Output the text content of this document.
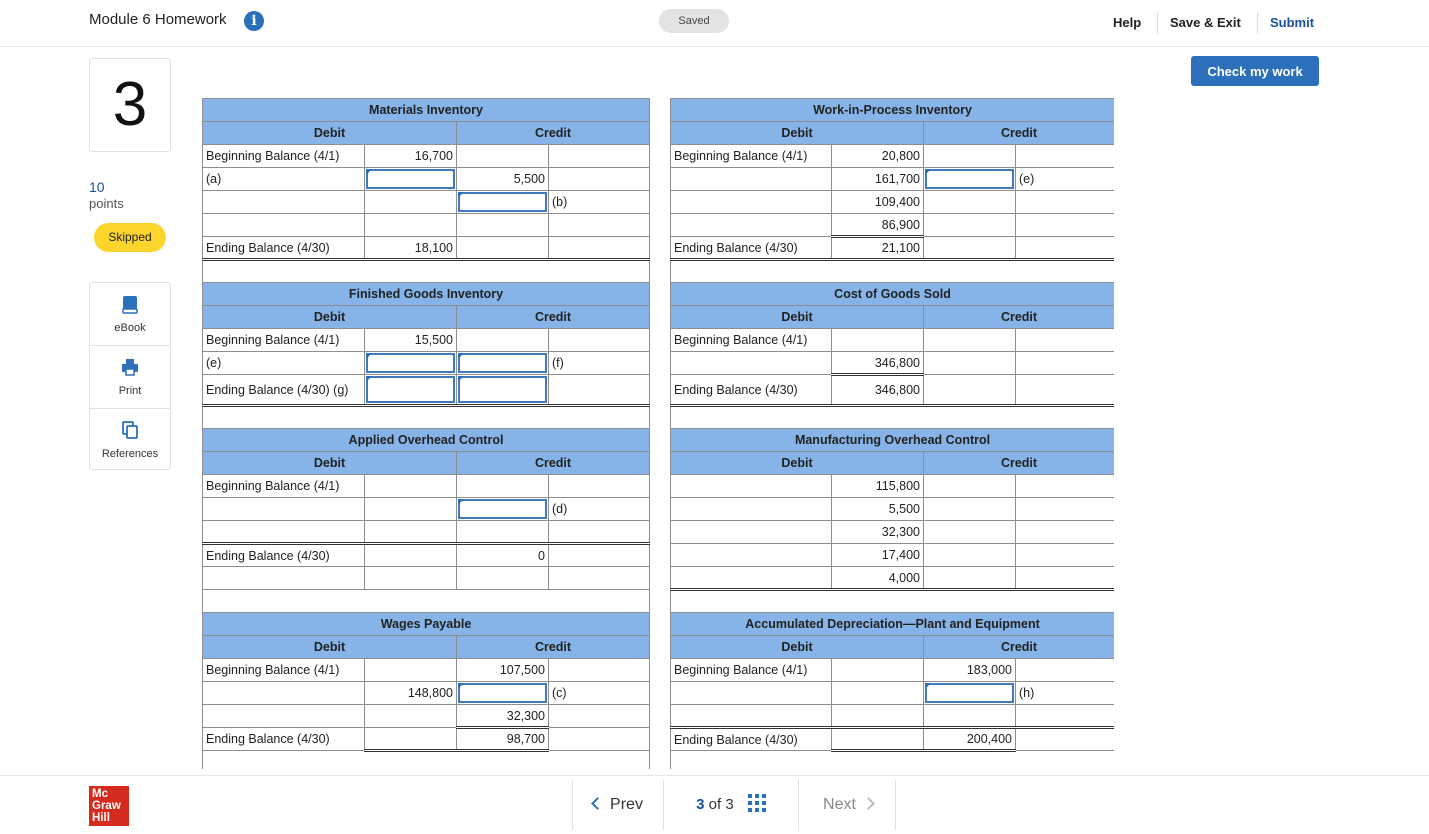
Module 6 Homework	i	Saved	Help Save & Exit Submit
Check my work
3
10
points
Skipped
eBook
Print
References
Materials Inventory					Work-in-Process Inventory			
Debit		Credit			Debit		Credit	
Beginning Balance (4/1)	16,700				Beginning Balance (4/1)	20,800		
(a)		5,500				161,700		(e)

	(b)			109,400		
						86,900		
Ending Balance (4/30)	18,100				Ending Balance (4/30)	21,100		

Finished Goods Inventory					Cost of Goods Sold			
Debit		Credit			Debit		Credit	
Beginning Balance (4/1)	15,500				Beginning Balance (4/1)			
(e)			(f)			346,800		
Ending Balance (4/30) (g)					Ending Balance (4/30)	346,800		

Applied Overhead Control					Manufacturing Overhead Control			
Debit		Credit			Debit		Credit	
Beginning Balance (4/1)						115,800		

	(d)			5,500		
						32,300		
Ending Balance (4/30)		0				17,400		
						4,000		

Wages Payable					Accumulated Depreciation—Plant and Equipment			
Debit		Credit			Debit		Credit	
Beginning Balance (4/1)		107,500			Beginning Balance (4/1)		183,000	
	148,800		(c)					(h)
		32,300						
Ending Balance (4/30)		98,700			Ending Balance (4/30)		200,400	

Mc
Graw
Hill
Prev	3 of 3	Next
